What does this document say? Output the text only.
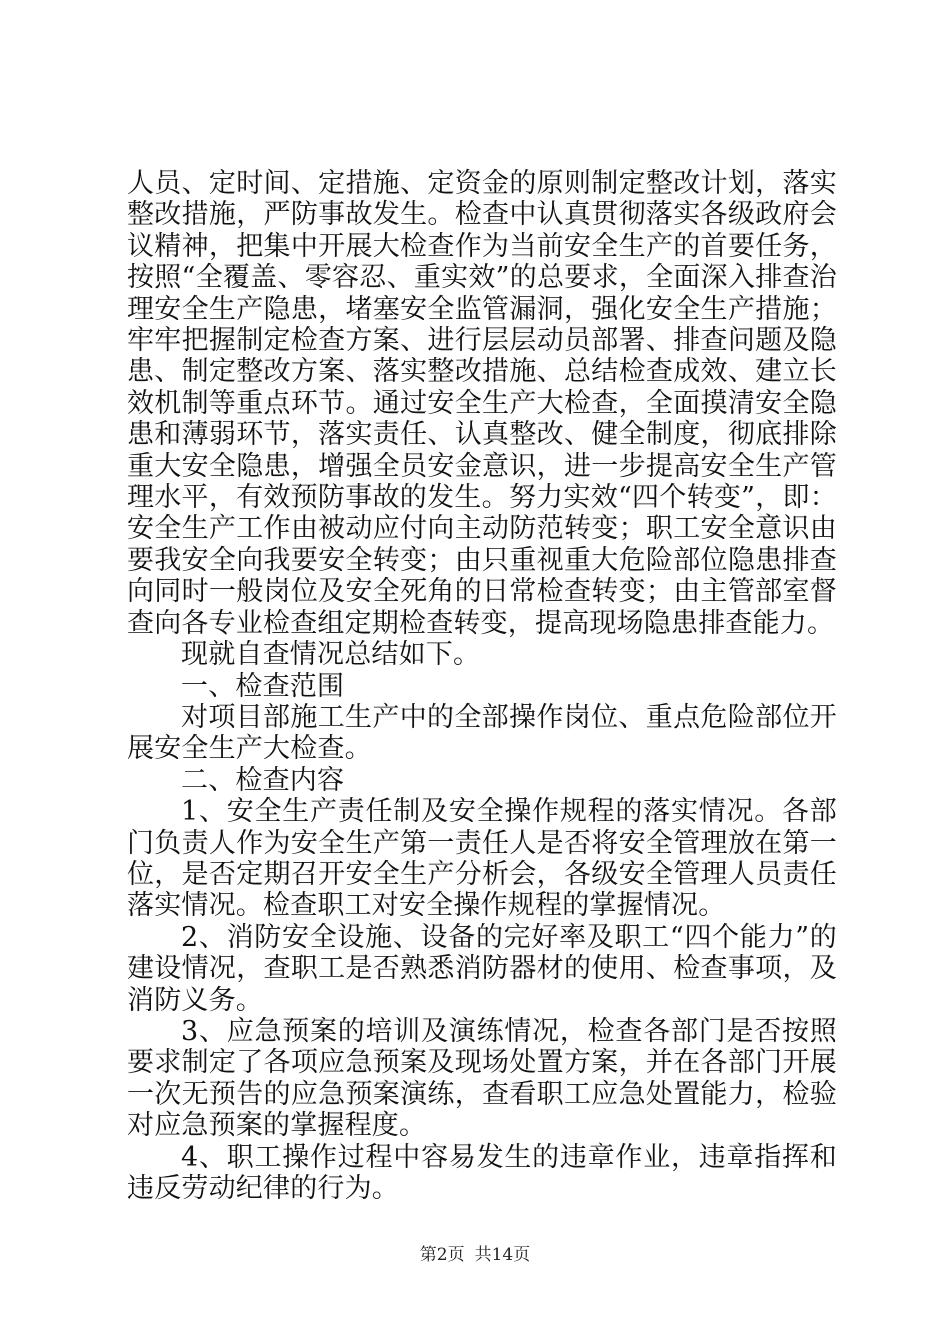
人员、定时间、定措施、定资金的原则制定整改计划，落实整改措施，严防事故发生。检查中认真贯彻落实各级政府会议精神，把集中开展大检查作为当前安全生产的首要任务，按照“全覆盖、零容忍、重实效”的总要求，全面深入排查治理安全生产隐患，堵塞安全监管漏洞，强化安全生产措施；牢牢把握制定检查方案、进行层层动员部署、排查问题及隐患、制定整改方案、落实整改措施、总结检查成效、建立长效机制等重点环节。通过安全生产大检查，全面摸清安全隐患和薄弱环节，落实责任、认真整改、健全制度，彻底排除重大安全隐患，增强全员安金意识，进一步提高安全生产管理水平，有效预防事故的发生。努力实效“四个转变”，即：安全生产工作由被动应付向主动防范转变；职工安全意识由要我安全向我要安全转变；由只重视重大危险部位隐患排查向同时一般岗位及安全死角的日常检查转变；由主管部室督查向各专业检查组定期检查转变，提高现场隐患排查能力。

现就自查情况总结如下。

一、检查范围

对项目部施工生产中的全部操作岗位、重点危险部位开展安全生产大检查。

二、检查内容

1、安全生产责任制及安全操作规程的落实情况。各部门负责人作为安全生产第一责任人是否将安全管理放在第一位，是否定期召开安全生产分析会，各级安全管理人员责任落实情况。检查职工对安全操作规程的掌握情况。

2、消防安全设施、设备的完好率及职工“四个能力”的建设情况，查职工是否熟悉消防器材的使用、检查事项，及消防义务。

3、应急预案的培训及演练情况，检查各部门是否按照要求制定了各项应急预案及现场处置方案，并在各部门开展一次无预告的应急预案演练，查看职工应急处置能力，检验对应急预案的掌握程度。

4、职工操作过程中容易发生的违章作业，违章指挥和违反劳动纪律的行为。

第2页 共14页
